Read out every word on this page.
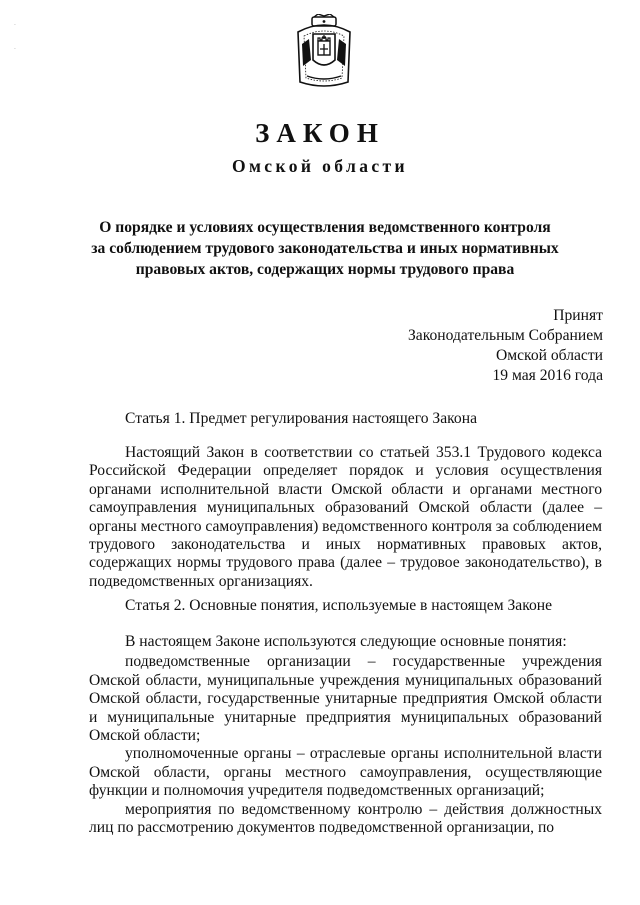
·
·
ЗАКОН
Омской области
О порядке и условиях осуществления ведомственного контроля
за соблюдением трудового законодательства и иных нормативных
правовых актов, содержащих нормы трудового права
Принят
Законодательным Собранием
Омской области
19 мая 2016 года
Статья 1. Предмет регулирования настоящего Закона

Настоящий Закон в соответствии со статьей 353.1 Трудового кодекса Российской Федерации определяет порядок и условия осуществления органами исполнительной власти Омской области и органами местного самоуправления муниципальных образований Омской области (далее – органы местного самоуправления) ведомственного контроля за соблюдением трудового законодательства и иных нормативных правовых актов, содержащих нормы трудового права (далее – трудовое законодательство), в подведомственных организациях.

Статья 2. Основные понятия, используемые в настоящем Законе

В настоящем Законе используются следующие основные понятия:

подведомственные организации – государственные учреждения Омской области, муниципальные учреждения муниципальных образований Омской области, государственные унитарные предприятия Омской области и муниципальные унитарные предприятия муниципальных образований Омской области;

уполномоченные органы – отраслевые органы исполнительной власти Омской области, органы местного самоуправления, осуществляющие функции и полномочия учредителя подведомственных организаций;

мероприятия по ведомственному контролю – действия должностных лиц по рассмотрению документов подведомственной организации, по
